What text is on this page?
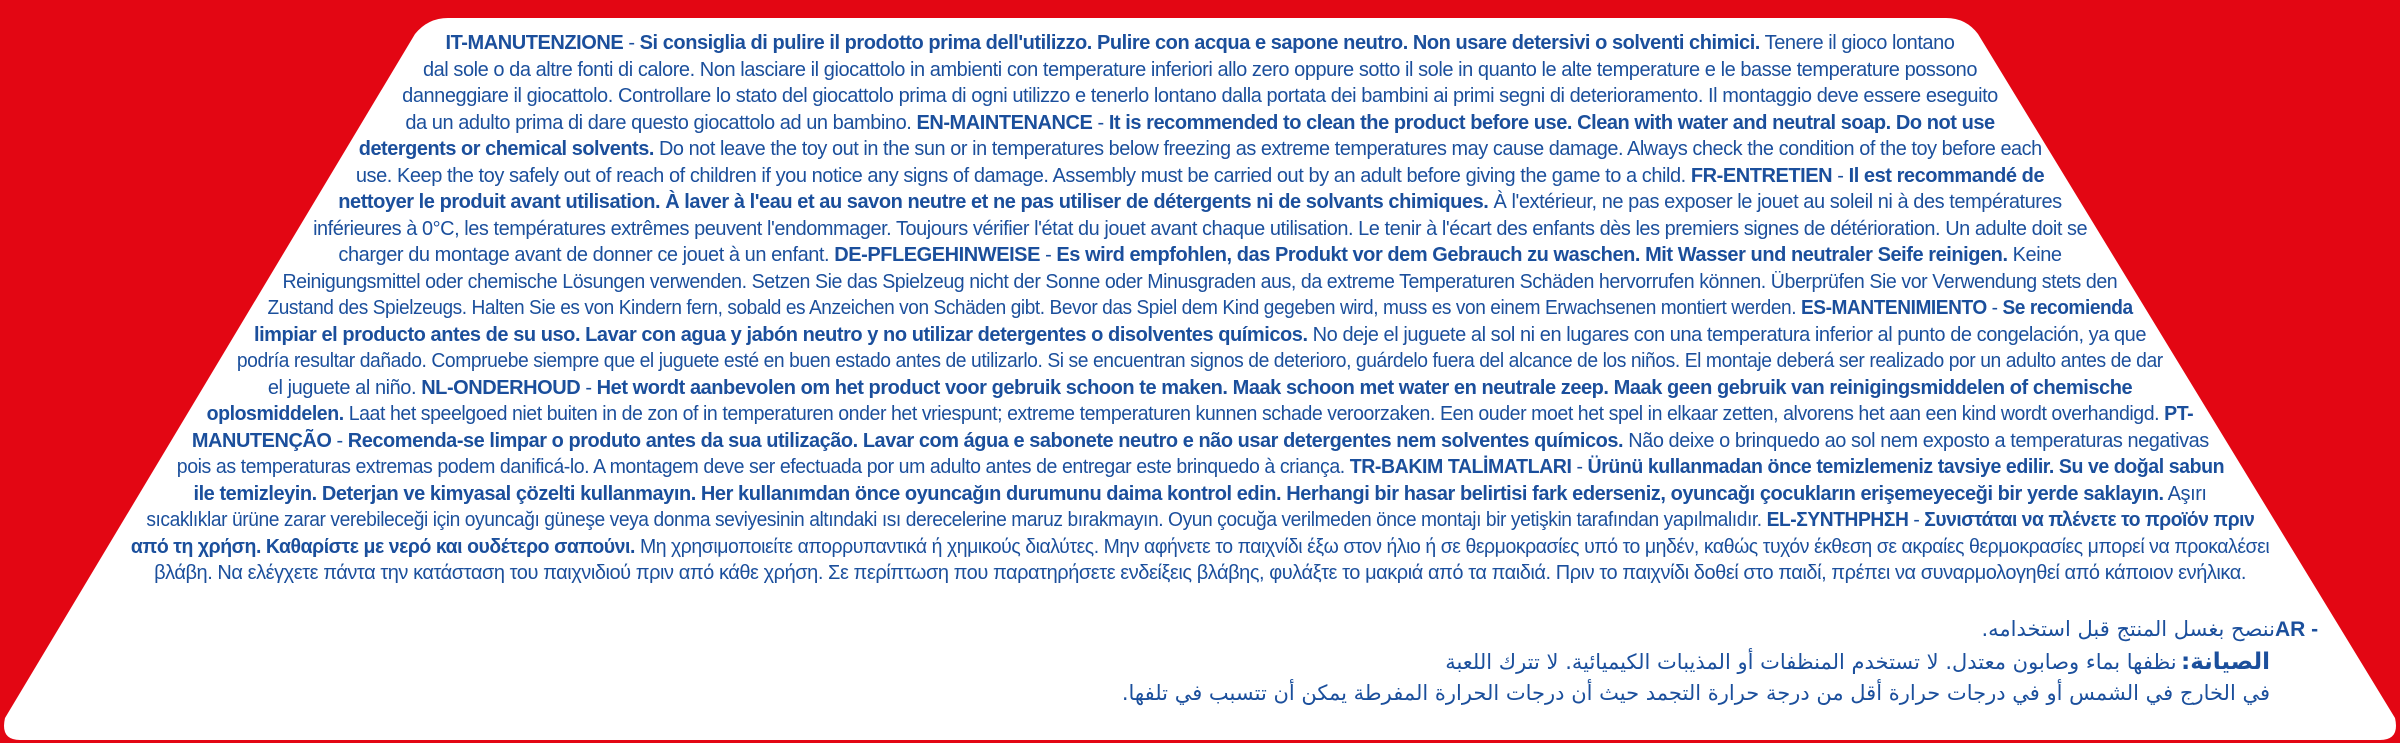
IT-MANUTENZIONE - Si consiglia di pulire il prodotto prima dell'utilizzo. Pulire con acqua e sapone neutro. Non usare detersivi o solventi chimici. Tenere il gioco lontano
dal sole o da altre fonti di calore. Non lasciare il giocattolo in ambienti con temperature inferiori allo zero oppure sotto il sole in quanto le alte temperature e le basse temperature possono
danneggiare il giocattolo. Controllare lo stato del giocattolo prima di ogni utilizzo e tenerlo lontano dalla portata dei bambini ai primi segni di deterioramento. Il montaggio deve essere eseguito
da un adulto prima di dare questo giocattolo ad un bambino. EN-MAINTENANCE - It is recommended to clean the product before use. Clean with water and neutral soap. Do not use
detergents or chemical solvents. Do not leave the toy out in the sun or in temperatures below freezing as extreme temperatures may cause damage. Always check the condition of the toy before each
use. Keep the toy safely out of reach of children if you notice any signs of damage. Assembly must be carried out by an adult before giving the game to a child. FR-ENTRETIEN - Il est recommandé de
nettoyer le produit avant utilisation. À laver à l'eau et au savon neutre et ne pas utiliser de détergents ni de solvants chimiques. À l'extérieur, ne pas exposer le jouet au soleil ni à des températures
inférieures à 0°C, les températures extrêmes peuvent l'endommager. Toujours vérifier l'état du jouet avant chaque utilisation. Le tenir à l'écart des enfants dès les premiers signes de détérioration. Un adulte doit se
charger du montage avant de donner ce jouet à un enfant. DE-PFLEGEHINWEISE - Es wird empfohlen, das Produkt vor dem Gebrauch zu waschen. Mit Wasser und neutraler Seife reinigen. Keine
Reinigungsmittel oder chemische Lösungen verwenden. Setzen Sie das Spielzeug nicht der Sonne oder Minusgraden aus, da extreme Temperaturen Schäden hervorrufen können. Überprüfen Sie vor Verwendung stets den
Zustand des Spielzeugs. Halten Sie es von Kindern fern, sobald es Anzeichen von Schäden gibt. Bevor das Spiel dem Kind gegeben wird, muss es von einem Erwachsenen montiert werden. ES-MANTENIMIENTO - Se recomienda
limpiar el producto antes de su uso. Lavar con agua y jabón neutro y no utilizar detergentes o disolventes químicos. No deje el juguete al sol ni en lugares con una temperatura inferior al punto de congelación, ya que
podría resultar dañado. Compruebe siempre que el juguete esté en buen estado antes de utilizarlo. Si se encuentran signos de deterioro, guárdelo fuera del alcance de los niños. El montaje deberá ser realizado por un adulto antes de dar
el juguete al niño. NL-ONDERHOUD - Het wordt aanbevolen om het product voor gebruik schoon te maken. Maak schoon met water en neutrale zeep. Maak geen gebruik van reinigingsmiddelen of chemische
oplosmiddelen. Laat het speelgoed niet buiten in de zon of in temperaturen onder het vriespunt; extreme temperaturen kunnen schade veroorzaken. Een ouder moet het spel in elkaar zetten, alvorens het aan een kind wordt overhandigd. PT-
MANUTENÇÃO - Recomenda-se limpar o produto antes da sua utilização. Lavar com água e sabonete neutro e não usar detergentes nem solventes químicos. Não deixe o brinquedo ao sol nem exposto a temperaturas negativas
pois as temperaturas extremas podem danificá-lo. A montagem deve ser efectuada por um adulto antes de entregar este brinquedo à criança. TR-BAKIM TALİMATLARI - Ürünü kullanmadan önce temizlemeniz tavsiye edilir. Su ve doğal sabun
ile temizleyin. Deterjan ve kimyasal çözelti kullanmayın. Her kullanımdan önce oyuncağın durumunu daima kontrol edin. Herhangi bir hasar belirtisi fark ederseniz, oyuncağı çocukların erişemeyeceği bir yerde saklayın. Aşırı
sıcaklıklar ürüne zarar verebileceği için oyuncağı güneşe veya donma seviyesinin altındaki ısı derecelerine maruz bırakmayın. Oyun çocuğa verilmeden önce montajı bir yetişkin tarafından yapılmalıdır. EL-ΣΥΝΤΗΡΗΣΗ - Συνιστάται να πλένετε το προϊόν πριν
από τη χρήση. Καθαρίστε με νερό και ουδέτερο σαπούνι. Μη χρησιμοποιείτε απορρυπαντικά ή χημικούς διαλύτες. Μην αφήνετε το παιχνίδι έξω στον ήλιο ή σε θερμοκρασίες υπό το μηδέν, καθώς τυχόν έκθεση σε ακραίες θερμοκρασίες μπορεί να προκαλέσει
βλάβη. Να ελέγχετε πάντα την κατάσταση του παιχνιδιού πριν από κάθε χρήση. Σε περίπτωση που παρατηρήσετε ενδείξεις βλάβης, φυλάξτε το μακριά από τα παιδιά. Πριν το παιχνίδι δοθεί στο παιδί, πρέπει να συναρμολογηθεί από κάποιον ενήλικα.
AR - ننصح بغسل المنتج قبل استخدامه.
الصيانة: نظفها بماء وصابون معتدل. لا تستخدم المنظفات أو المذيبات الكيميائية. لا تترك اللعبة
في الخارج في الشمس أو في درجات حرارة أقل من درجة حرارة التجمد حيث أن درجات الحرارة المفرطة يمكن أن تتسبب في تلفها.
